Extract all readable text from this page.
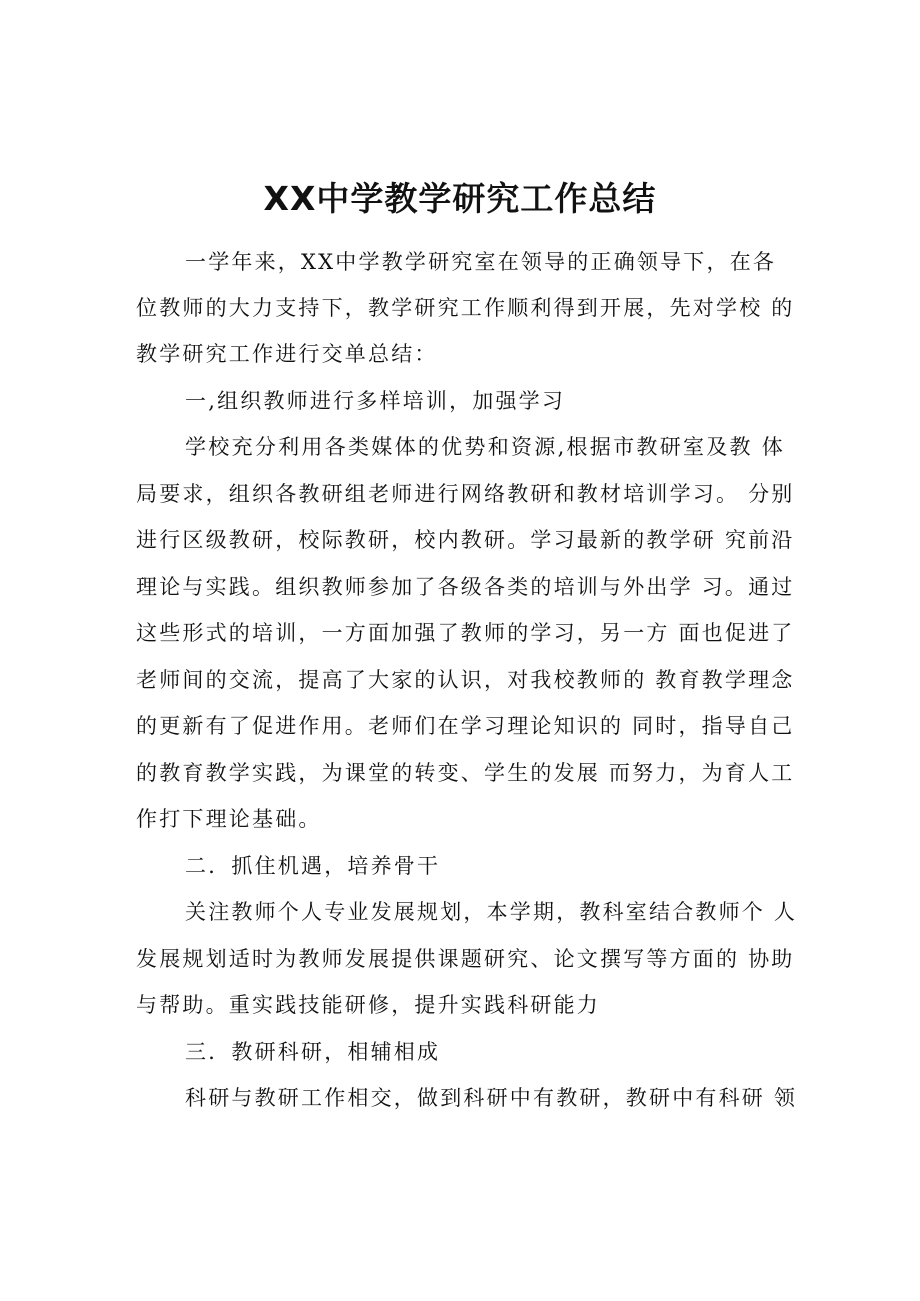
XX中学教学研究工作总结

一学年来，XX中学教学研究室在领导的正确领导下，在各

位教师的大力支持下，教学研究工作顺利得到开展，先对学校 的

教学研究工作进行交单总结：

一,组织教师进行多样培训，加强学习

学校充分利用各类媒体的优势和资源,根据市教研室及教 体

局要求，组织各教研组老师进行网络教研和教材培训学习。 分别

进行区级教研，校际教研，校内教研。学习最新的教学研 究前沿

理论与实践。组织教师参加了各级各类的培训与外出学 习。通过

这些形式的培训，一方面加强了教师的学习，另一方 面也促进了

老师间的交流，提高了大家的认识，对我校教师的 教育教学理念

的更新有了促进作用。老师们在学习理论知识的 同时，指导自己

的教育教学实践，为课堂的转变、学生的发展 而努力，为育人工

作打下理论基础。

二．抓住机遇，培养骨干

关注教师个人专业发展规划，本学期，教科室结合教师个 人

发展规划适时为教师发展提供课题研究、论文撰写等方面的 协助

与帮助。重实践技能研修，提升实践科研能力

三．教研科研，相辅相成

科研与教研工作相交，做到科研中有教研，教研中有科研 领
